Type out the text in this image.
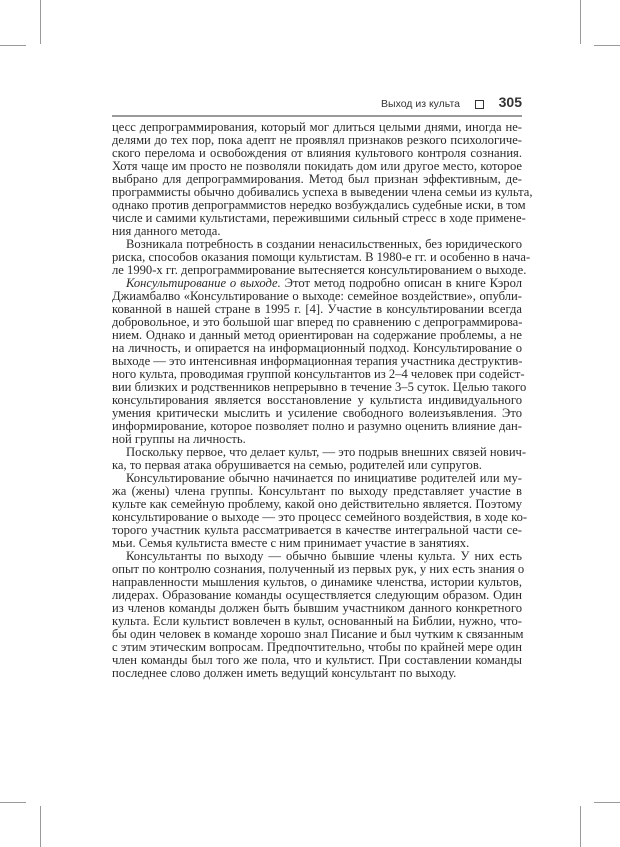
Выход из культа	305
цесс депрограммирования, который мог длиться целыми днями, иногда не-
делями до тех пор, пока адепт не проявлял признаков резкого психологиче-
ского перелома и освобождения от влияния культового контроля сознания.
Хотя чаще им просто не позволяли покидать дом или другое место, которое
выбрано для депрограммирования. Метод был признан эффективным, де-
программисты обычно добивались успеха в выведении члена семьи из культа,
однако против депрограммистов нередко возбуждались судебные иски, в том
числе и самими культистами, пережившими сильный стресс в ходе примене-
ния данного метода.
Возникала потребность в создании ненасильственных, без юридического
риска, способов оказания помощи культистам. В 1980-е гг. и особенно в нача-
ле 1990-х гг. депрограммирование вытесняется консультированием о выходе.
Консультирование о выходе. Этот метод подробно описан в книге Кэрол
Джиамбалво «Консультирование о выходе: семейное воздействие», опубли-
кованной в нашей стране в 1995 г. [4]. Участие в консультировании всегда
добровольное, и это большой шаг вперед по сравнению с депрограммирова-
нием. Однако и данный метод ориентирован на содержание проблемы, а не
на личность, и опирается на информационный подход. Консультирование о
выходе — это интенсивная информационная терапия участника деструктив-
ного культа, проводимая группой консультантов из 2–4 человек при содейст-
вии близких и родственников непрерывно в течение 3–5 суток. Целью такого
консультирования является восстановление у культиста индивидуального
умения критически мыслить и усиление свободного волеизъявления. Это
информирование, которое позволяет полно и разумно оценить влияние дан-
ной группы на личность.
Поскольку первое, что делает культ, — это подрыв внешних связей нович-
ка, то первая атака обрушивается на семью, родителей или супругов.
Консультирование обычно начинается по инициативе родителей или му-
жа (жены) члена группы. Консультант по выходу представляет участие в
культе как семейную проблему, какой оно действительно является. Поэтому
консультирование о выходе — это процесс семейного воздействия, в ходе ко-
торого участник культа рассматривается в качестве интегральной части се-
мьи. Семья культиста вместе с ним принимает участие в занятиях.
Консультанты по выходу — обычно бывшие члены культа. У них есть
опыт по контролю сознания, полученный из первых рук, у них есть знания о
направленности мышления культов, о динамике членства, истории культов,
лидерах. Образование команды осуществляется следующим образом. Один
из членов команды должен быть бывшим участником данного конкретного
культа. Если культист вовлечен в культ, основанный на Библии, нужно, что-
бы один человек в команде хорошо знал Писание и был чутким к связанным
с этим этическим вопросам. Предпочтительно, чтобы по крайней мере один
член команды был того же пола, что и культист. При составлении команды
последнее слово должен иметь ведущий консультант по выходу.
